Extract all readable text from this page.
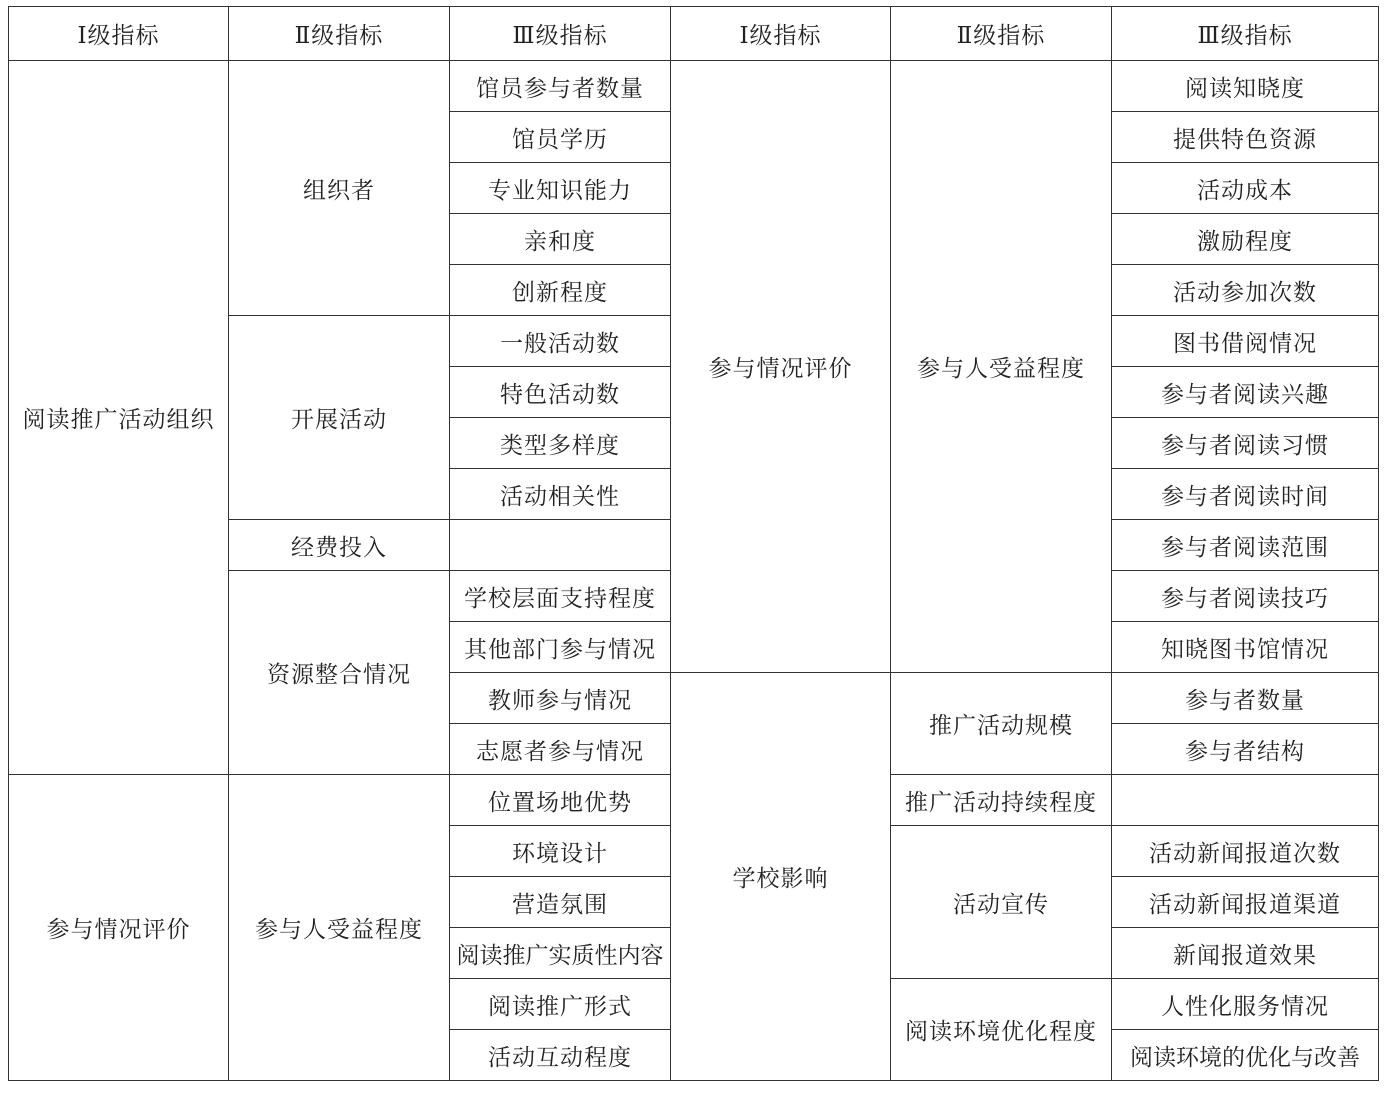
Ⅰ级指标	Ⅱ级指标	Ⅲ级指标	Ⅰ级指标	Ⅱ级指标	Ⅲ级指标
阅读推广活动组织	组织者	馆员参与者数量	参与情况评价	参与人受益程度	阅读知晓度
		馆员学历			提供特色资源
		专业知识能力			活动成本
		亲和度			激励程度
		创新程度			活动参加次数
	开展活动	一般活动数			图书借阅情况
		特色活动数			参与者阅读兴趣
		类型多样度			参与者阅读习惯
		活动相关性			参与者阅读时间
	经费投入				参与者阅读范围
	资源整合情况	学校层面支持程度			参与者阅读技巧
		其他部门参与情况			知晓图书馆情况
		教师参与情况	学校影响	推广活动规模	参与者数量
		志愿者参与情况			参与者结构
参与情况评价	参与人受益程度	位置场地优势		推广活动持续程度	
		环境设计		活动宣传	活动新闻报道次数
		营造氛围			活动新闻报道渠道
		阅读推广实质性内容			新闻报道效果
		阅读推广形式		阅读环境优化程度	人性化服务情况
		活动互动程度			阅读环境的优化与改善
